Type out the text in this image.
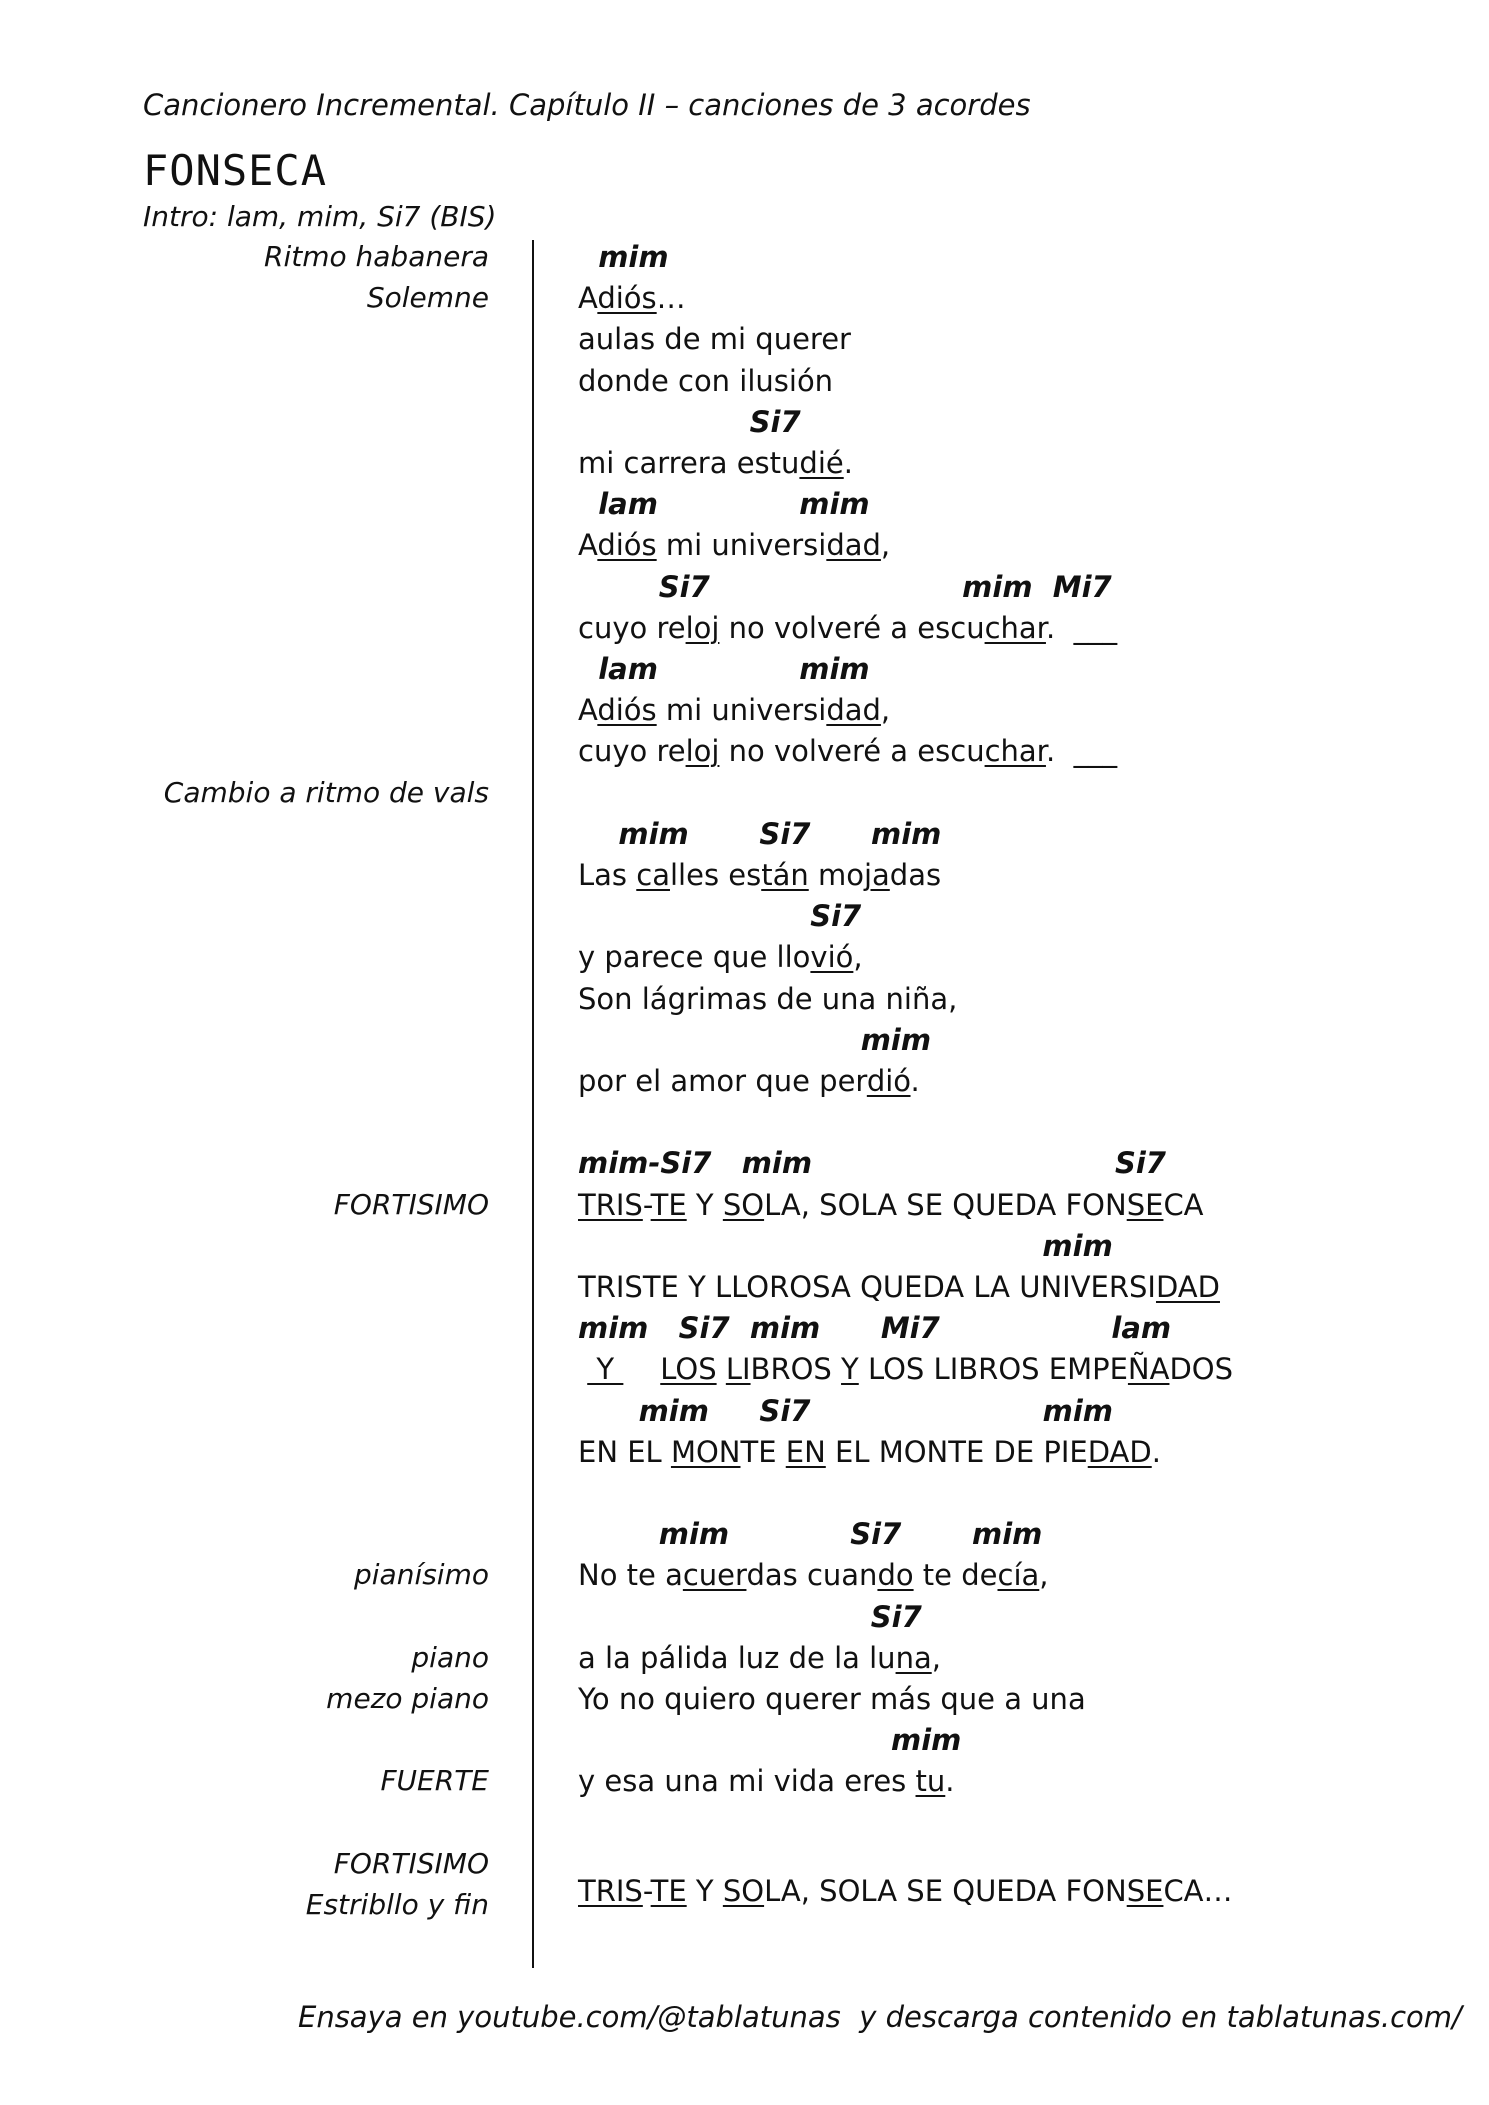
Cancionero Incremental. Capítulo II – canciones de 3 acordes
FONSECA
Intro: lam, mim, Si7 (BIS)
Ritmo habanera
Solemne
Cambio a ritmo de vals
FORTISIMO
pianísimo
piano
mezo piano
FUERTE
FORTISIMO
Estribllo y fin
mim
Adiós…
aulas de mi querer
donde con ilusión
Si7
mi carrera estudié.
lam              mim
Adiós mi universidad,
Si7                         mim  Mi7
cuyo reloj no volveré a escuchar.  ___
lam              mim
Adiós mi universidad,
cuyo reloj no volveré a escuchar.  ___
mim       Si7      mim
Las calles están mojadas
Si7
y parece que llovió,
Son lágrimas de una niña,
mim
por el amor que perdió.
mim-Si7   mim                              Si7
TRIS-TE Y SOLA, SOLA SE QUEDA FONSECA
mim
TRISTE Y LLOROSA QUEDA LA UNIVERSIDAD
mim   Si7  mim      Mi7                 lam
Y     LOS LIBROS Y LOS LIBROS EMPEÑADOS
mim     Si7                       mim
EN EL MONTE EN EL MONTE DE PIEDAD.
mim            Si7       mim
No te acuerdas cuando te decía,
Si7
a la pálida luz de la luna,
Yo no quiero querer más que a una
mim
y esa una mi vida eres tu.
TRIS-TE Y SOLA, SOLA SE QUEDA FONSECA…
Ensaya en youtube.com/@tablatunas  y descarga contenido en tablatunas.com/
